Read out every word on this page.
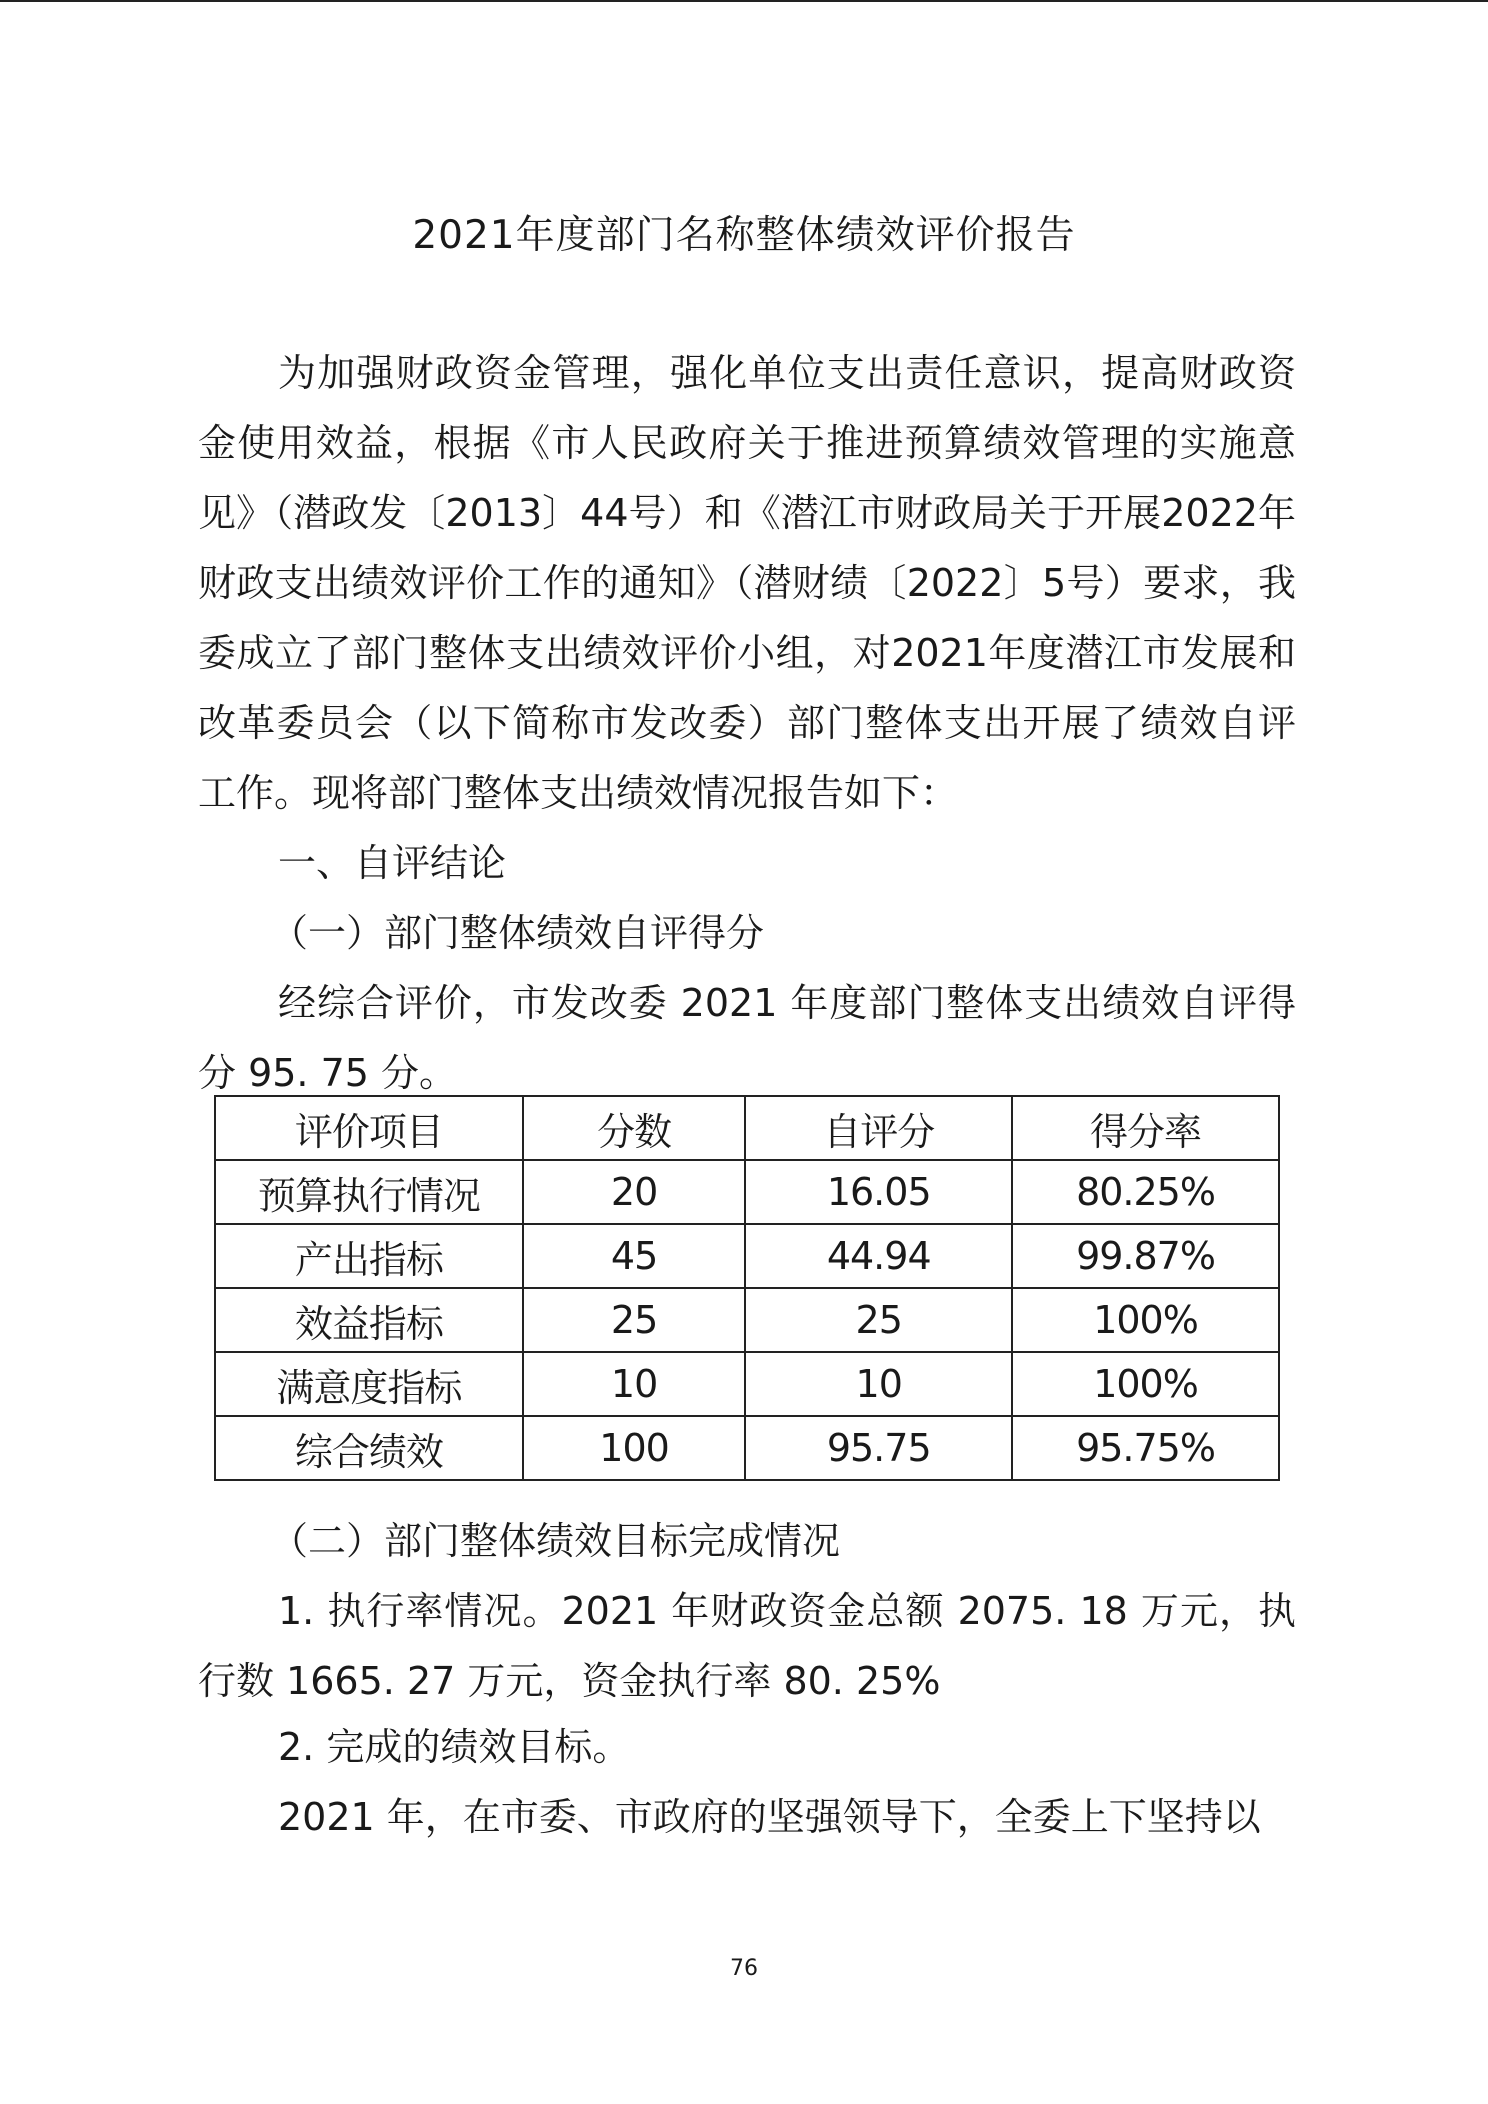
2021年度部门名称整体绩效评价报告
为加强财政资金管理，强化单位支出责任意识，提高财政资金使用效益，根据《市人民政府关于推进预算绩效管理的实施意见》（潜政发〔2013〕44号）和《潜江市财政局关于开展2022年财政支出绩效评价工作的通知》（潜财绩〔2022〕5号）要求，我委成立了部门整体支出绩效评价小组，对2021年度潜江市发展和改革委员会（以下简称市发改委）部门整体支出开展了绩效自评工作。现将部门整体支出绩效情况报告如下：
一、自评结论
（一）部门整体绩效自评得分
经综合评价，市发改委 2021 年度部门整体支出绩效自评得分 95. 75 分。
评价项目	分数	自评分	得分率
预算执行情况	20	16.05	80.25%
产出指标	45	44.94	99.87%
效益指标	25	25	100%
满意度指标	10	10	100%
综合绩效	100	95.75	95.75%
（二）部门整体绩效目标完成情况
1. 执行率情况。2021 年财政资金总额 2075. 18 万元，执行数 1665. 27 万元，资金执行率 80. 25%
2. 完成的绩效目标。
2021 年，在市委、市政府的坚强领导下，全委上下坚持以
76
